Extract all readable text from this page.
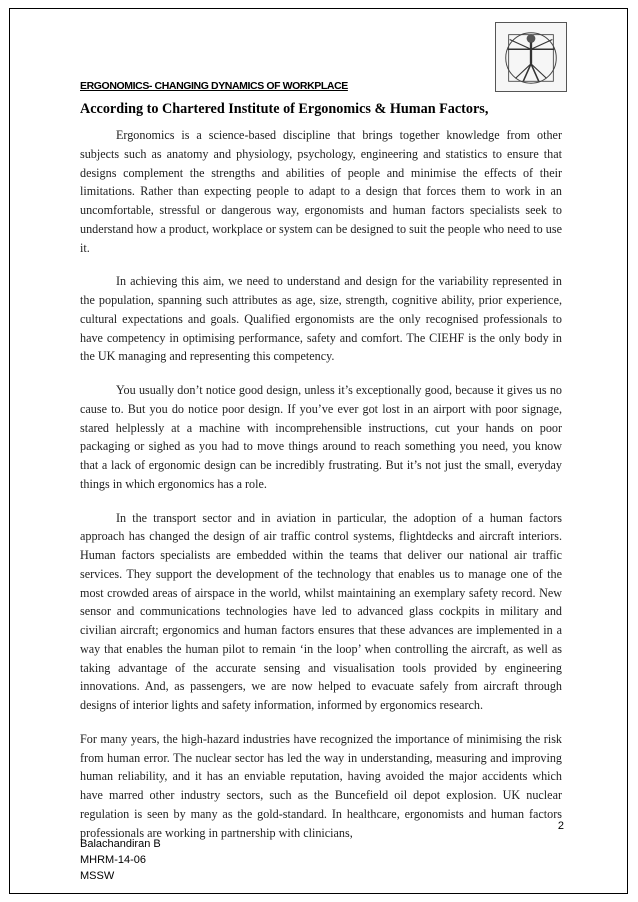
ERGONOMICS- CHANGING DYNAMICS OF WORKPLACE
According to Chartered Institute of Ergonomics & Human Factors,

Ergonomics is a science-based discipline that brings together knowledge from other subjects such as anatomy and physiology, psychology, engineering and statistics to ensure that designs complement the strengths and abilities of people and minimise the effects of their limitations. Rather than expecting people to adapt to a design that forces them to work in an uncomfortable, stressful or dangerous way, ergonomists and human factors specialists seek to understand how a product, workplace or system can be designed to suit the people who need to use it.

In achieving this aim, we need to understand and design for the variability represented in the population, spanning such attributes as age, size, strength, cognitive ability, prior experience, cultural expectations and goals. Qualified ergonomists are the only recognised professionals to have competency in optimising performance, safety and comfort. The CIEHF is the only body in the UK managing and representing this competency.

You usually don’t notice good design, unless it’s exceptionally good, because it gives us no cause to. But you do notice poor design. If you’ve ever got lost in an airport with poor signage, stared helplessly at a machine with incomprehensible instructions, cut your hands on poor packaging or sighed as you had to move things around to reach something you need, you know that a lack of ergonomic design can be incredibly frustrating. But it’s not just the small, everyday things in which ergonomics has a role.

In the transport sector and in aviation in particular, the adoption of a human factors approach has changed the design of air traffic control systems, flightdecks and aircraft interiors. Human factors specialists are embedded within the teams that deliver our national air traffic services. They support the development of the technology that enables us to manage one of the most crowded areas of airspace in the world, whilst maintaining an exemplary safety record. New sensor and communications technologies have led to advanced glass cockpits in military and civilian aircraft; ergonomics and human factors ensures that these advances are implemented in a way that enables the human pilot to remain ‘in the loop’ when controlling the aircraft, as well as taking advantage of the accurate sensing and visualisation tools provided by engineering innovations. And, as passengers, we are now helped to evacuate safely from aircraft through designs of interior lights and safety information, informed by ergonomics research.

For many years, the high-hazard industries have recognized the importance of minimising the risk from human error. The nuclear sector has led the way in understanding, measuring and improving human reliability, and it has an enviable reputation, having avoided the major accidents which have marred other industry sectors, such as the Buncefield oil depot explosion. UK nuclear regulation is seen by many as the gold-standard. In healthcare, ergonomists and human factors professionals are working in partnership with clinicians,	2
Balachandiran B
MHRM-14-06
MSSW
